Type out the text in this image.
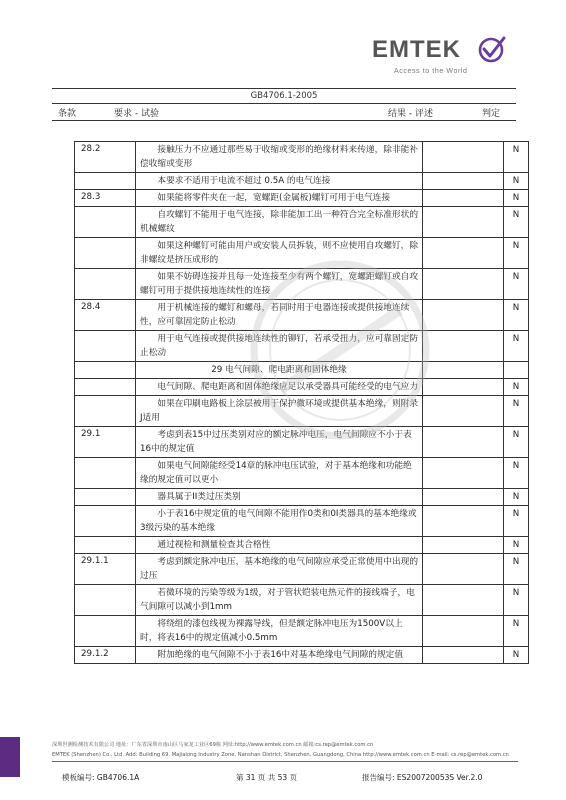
EMTEK
Access to the World
GB4706.1-2005
条款	要求 - 试验	结果 - 评述	判定
28.2	接触压力不应通过那些易于收缩或变形的绝缘材料来传递，除非能补偿收缩或变形		N

	本要求不适用于电流不超过 0.5A 的电气连接		N
28.3	如果能将零件夹在一起，宽螺距(金属板)螺钉可用于电气连接		N

	自攻螺钉不能用于电气连接，除非能加工出一种符合完全标准形状的机械螺纹		N

	如果这种螺钉可能由用户或安装人员拆装，则不应使用自攻螺钉，除非螺纹是挤压成形的		N

	如果不妨碍连接并且每一处连接至少有两个螺钉，宽螺距螺钉或自攻螺钉可用于提供接地连续性的连接		N
28.4	用于机械连接的螺钉和螺母，若同时用于电器连接或提供接地连续性，应可靠固定防止松动		N

	用于电气连接或提供接地连续性的铆钉，若承受扭力，应可靠固定防止松动		N

	29 电气间隙、爬电距离和固体绝缘		

	电气间隙、爬电距离和固体绝缘应足以承受器具可能经受的电气应力		N

	如果在印刷电路板上涂层被用于保护微环境或提供基本绝缘，则附录J适用		N
29.1	考虑到表15中过压类别对应的额定脉冲电压，电气间隙应不小于表16中的规定值		N

	如果电气间隙能经受14章的脉冲电压试验，对于基本绝缘和功能绝缘的规定值可以更小		N

	器具属于II类过压类别		N

	小于表16中规定值的电气间隙不能用作0类和0I类器具的基本绝缘或3级污染的基本绝缘		N

	通过视检和测量检查其合格性		N
29.1.1	考虑到额定脉冲电压，基本绝缘的电气间隙应承受正常使用中出现的过压		N

	若微环境的污染等级为1级，对于管状铠装电热元件的接线端子，电气间隙可以减小到1mm		N

	将绕组的漆包线视为裸露导线，但是额定脉冲电压为1500V以上时，将表16中的规定值减小0.5mm		N
29.1.2	附加绝缘的电气间隙不小于表16中对基本绝缘电气间隙的规定值		N
深圳世测检测技术有限公司 地址：广东省深圳市南山区马家龙工业区69栋 网址:http://www.emtek.com.cn 邮箱:cs.rep@emtek.com.cn
EMTEK (Shenzhen) Co., Ltd. Add: Building 69, Majialong Industry Zone, Nanshan District, Shenzhen, Guangdong, China http://www.emtek.com.cn E-mail: cs.rep@emtek.com.cn
模板编号: GB4706.1A	第 31 页 共 53 页	报告编号: ES200720053S Ver.2.0
